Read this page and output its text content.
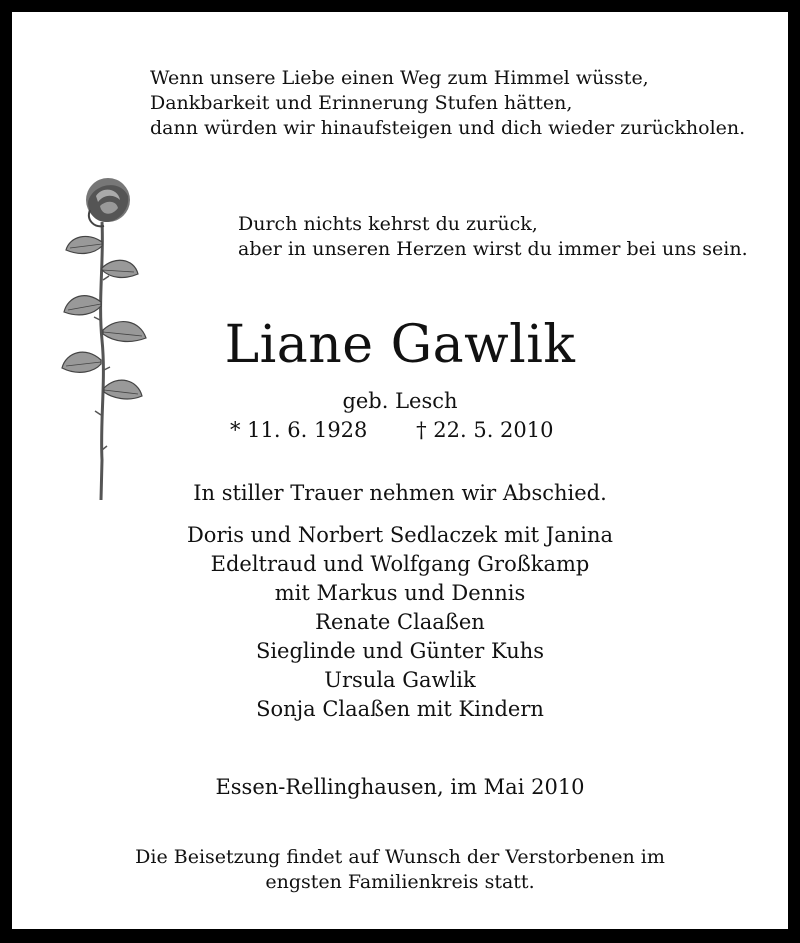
Wenn unsere Liebe einen Weg zum Himmel wüsste,
Dankbarkeit und Erinnerung Stufen hätten,
dann würden wir hinaufsteigen und dich wieder zurückholen.
Durch nichts kehrst du zurück,
aber in unseren Herzen wirst du immer bei uns sein.
Liane Gawlik
geb. Lesch
* 11. 6. 1928 † 22. 5. 2010
In stiller Trauer nehmen wir Abschied.
Doris und Norbert Sedlaczek mit Janina
Edeltraud und Wolfgang Großkamp
mit Markus und Dennis
Renate Claaßen
Sieglinde und Günter Kuhs
Ursula Gawlik
Sonja Claaßen mit Kindern
Essen-Rellinghausen, im Mai 2010
Die Beisetzung findet auf Wunsch der Verstorbenen im
engsten Familienkreis statt.
